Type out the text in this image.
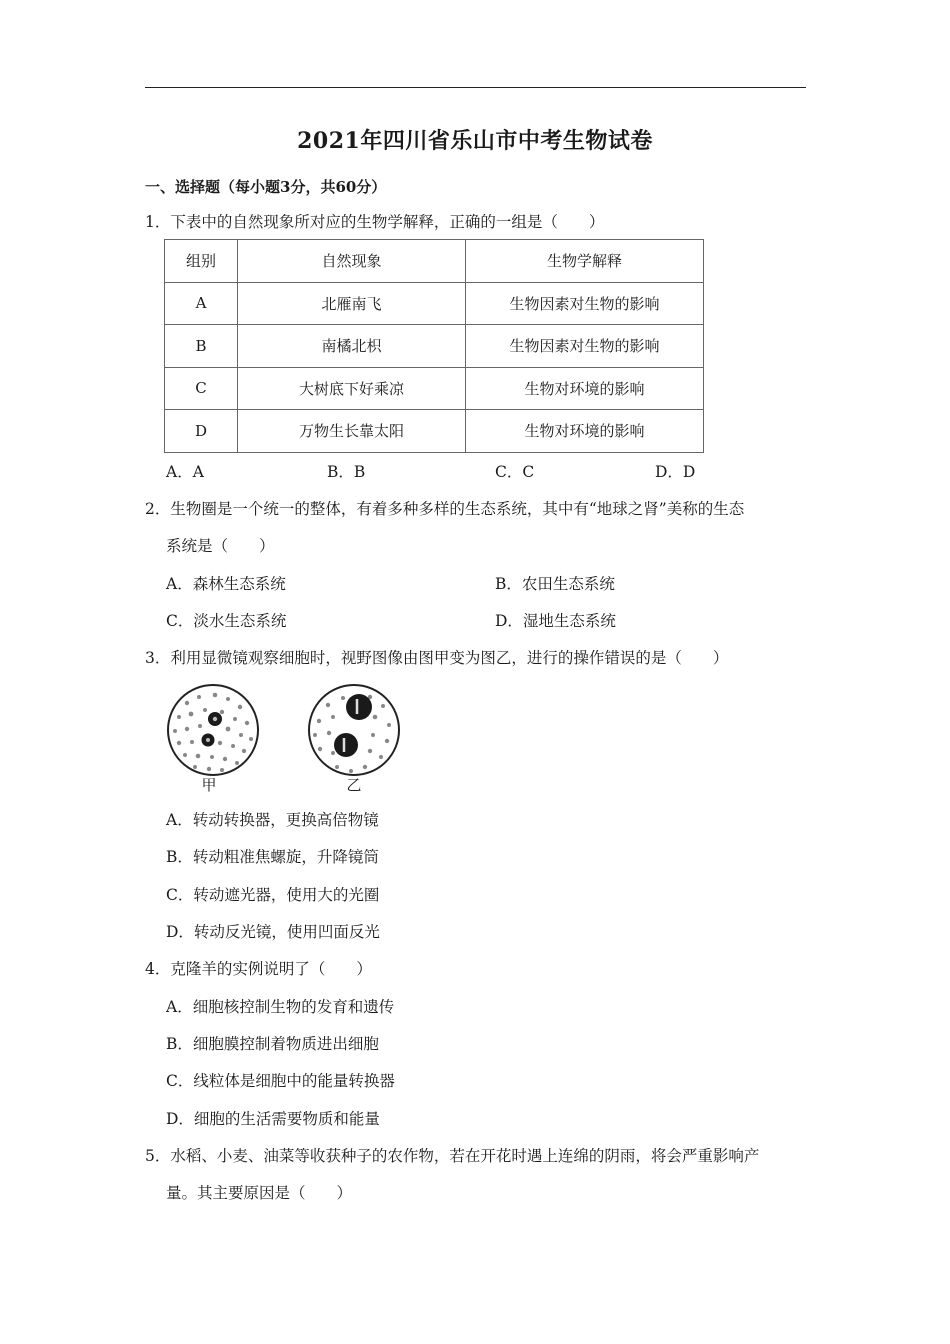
2021年四川省乐山市中考生物试卷
一、选择题（每小题3分，共60分）
1．下表中的自然现象所对应的生物学解释，正确的一组是（　　）
组别	自然现象	生物学解释
A	北雁南飞	生物因素对生物的影响
B	南橘北枳	生物因素对生物的影响
C	大树底下好乘凉	生物对环境的影响
D	万物生长靠太阳	生物对环境的影响
A．A	B．B	C．C	D．D
2．生物圈是一个统一的整体，有着多种多样的生态系统，其中有“地球之肾”美称的生态
系统是（　　）
A．森林生态系统	B．农田生态系统
C．淡水生态系统	D．湿地生态系统
3．利用显微镜观察细胞时，视野图像由图甲变为图乙，进行的操作错误的是（　　）
甲	乙
A．转动转换器，更换高倍物镜
B．转动粗准焦螺旋，升降镜筒
C．转动遮光器，使用大的光圈
D．转动反光镜，使用凹面反光
4．克隆羊的实例说明了（　　）
A．细胞核控制生物的发育和遗传
B．细胞膜控制着物质进出细胞
C．线粒体是细胞中的能量转换器
D．细胞的生活需要物质和能量
5．水稻、小麦、油菜等收获种子的农作物，若在开花时遇上连绵的阴雨，将会严重影响产
量。其主要原因是（　　）
